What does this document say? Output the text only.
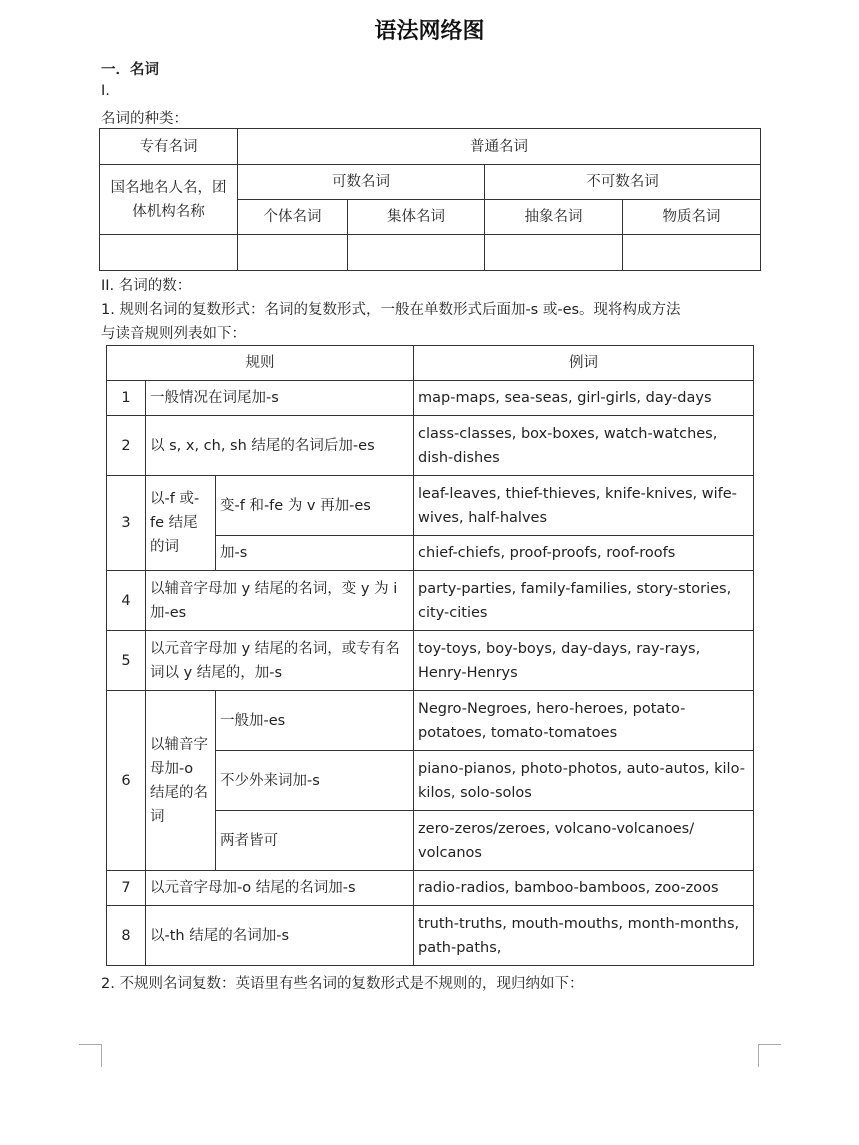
语法网络图
一．名词
I.
名词的种类：
专有名词	普通名词			
国名地名人名，团体机构名称	可数名词		不可数名词	
	个体名词	集体名词	抽象名词	物质名词

II. 名词的数：
1. 规则名词的复数形式：名词的复数形式，一般在单数形式后面加-s 或-es。现将构成方法
与读音规则列表如下：
规则			例词
1	一般情况在词尾加-s		map-maps, sea-seas, girl-girls, day-days
2	以 s, x, ch, sh 结尾的名词后加-es		class-classes, box-boxes, watch-watches, dish-dishes
3	以-f 或-fe 结尾的词	变-f 和-fe 为 v 再加-es	leaf-leaves, thief-thieves, knife-knives, wife-wives, half-halves
		加-s	chief-chiefs, proof-proofs, roof-roofs
4	以辅音字母加 y 结尾的名词，变 y 为 i 加-es		party-parties, family-families, story-stories, city-cities
5	以元音字母加 y 结尾的名词，或专有名词以 y 结尾的，加-s		toy-toys, boy-boys, day-days, ray-rays, Henry-Henrys
6	以辅音字母加-o 结尾的名词	一般加-es	Negro-Negroes, hero-heroes, potato-potatoes, tomato-tomatoes
		不少外来词加-s	piano-pianos, photo-photos, auto-autos, kilo-kilos, solo-solos
		两者皆可	zero-zeros/zeroes, volcano-volcanoes/ volcanos
7	以元音字母加-o 结尾的名词加-s		radio-radios, bamboo-bamboos, zoo-zoos
8	以-th 结尾的名词加-s		truth-truths, mouth-mouths, month-months, path-paths,
2. 不规则名词复数：英语里有些名词的复数形式是不规则的，现归纳如下：
